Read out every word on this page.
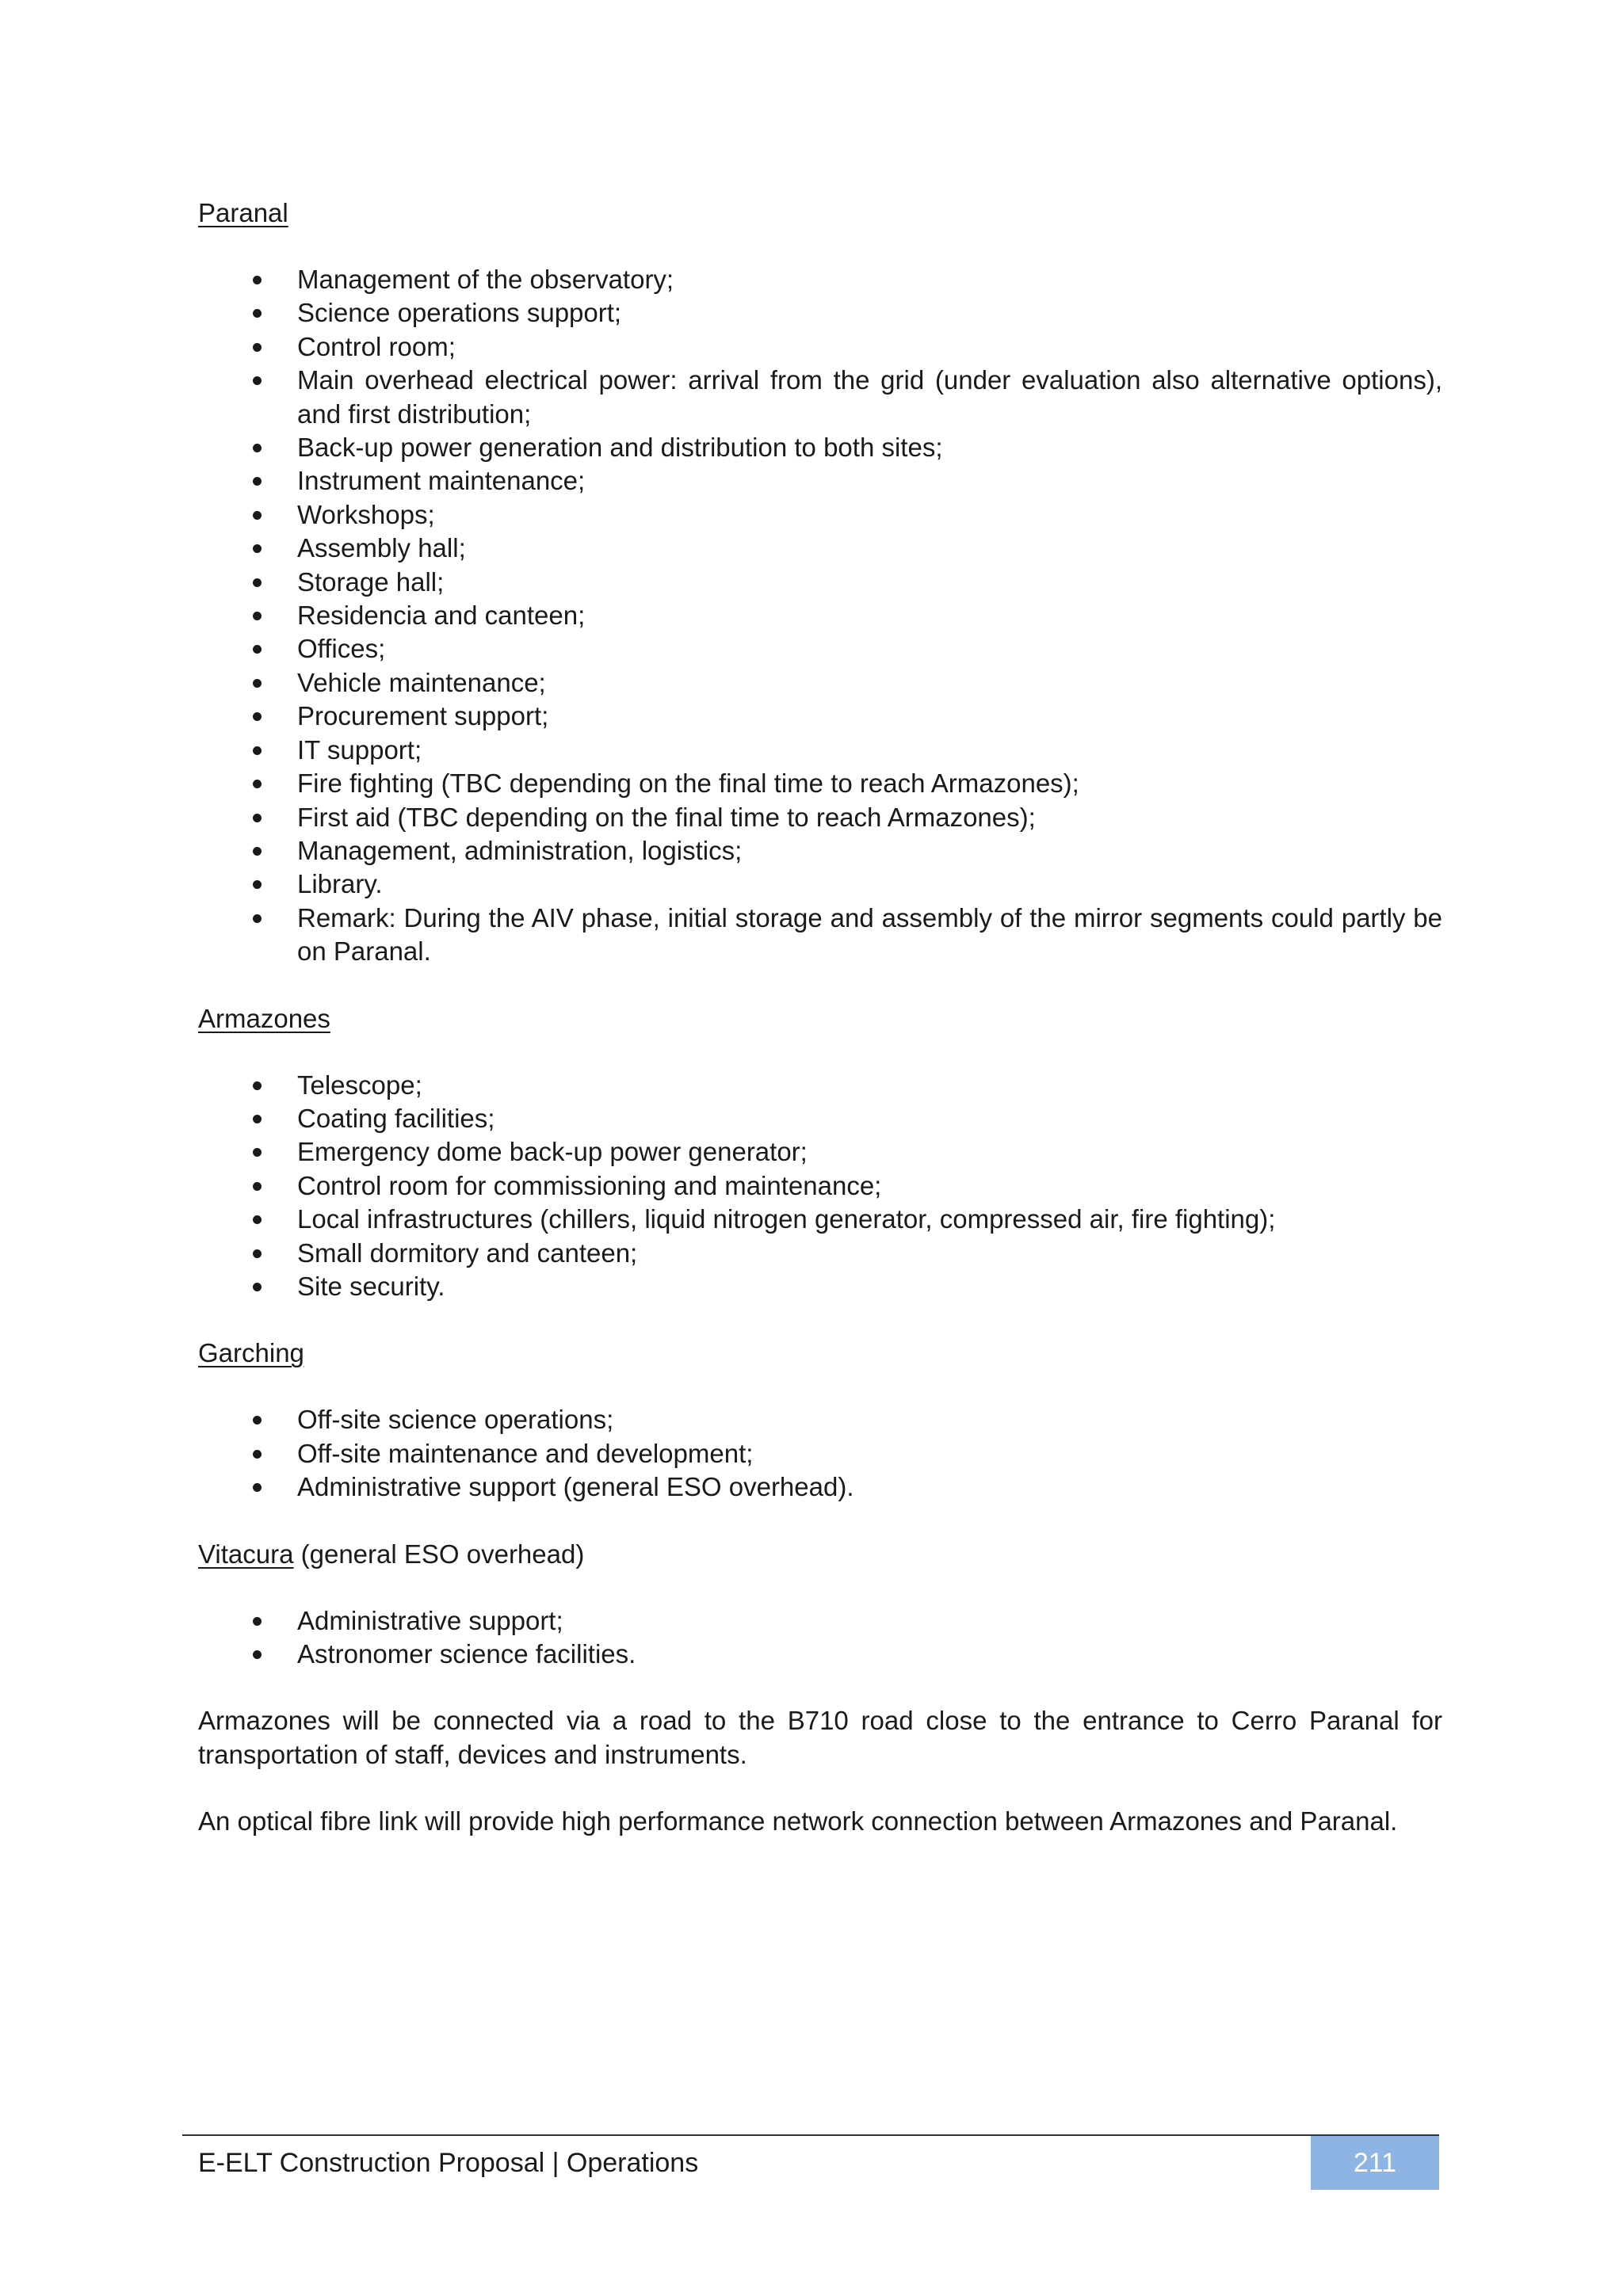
Paranal

Management of the observatory;
Science operations support;
Control room;
Main overhead electrical power: arrival from the grid (under evaluation also alternative options), and first distribution;
Back-up power generation and distribution to both sites;
Instrument maintenance;
Workshops;
Assembly hall;
Storage hall;
Residencia and canteen;
Offices;
Vehicle maintenance;
Procurement support;
IT support;
Fire fighting (TBC depending on the final time to reach Armazones);
First aid (TBC depending on the final time to reach Armazones);
Management, administration, logistics;
Library.
Remark: During the AIV phase, initial storage and assembly of the mirror segments could partly be on Paranal.

Armazones

Telescope;
Coating facilities;
Emergency dome back-up power generator;
Control room for commissioning and maintenance;
Local infrastructures (chillers, liquid nitrogen generator, compressed air, fire fighting);
Small dormitory and canteen;
Site security.

Garching

Off-site science operations;
Off-site maintenance and development;
Administrative support (general ESO overhead).

Vitacura (general ESO overhead)

Administrative support;
Astronomer science facilities.

Armazones will be connected via a road to the B710 road close to the entrance to Cerro Paranal for transportation of staff, devices and instruments.

An optical fibre link will provide high performance network connection between Armazones and Paranal.

E-ELT Construction Proposal | Operations	211
